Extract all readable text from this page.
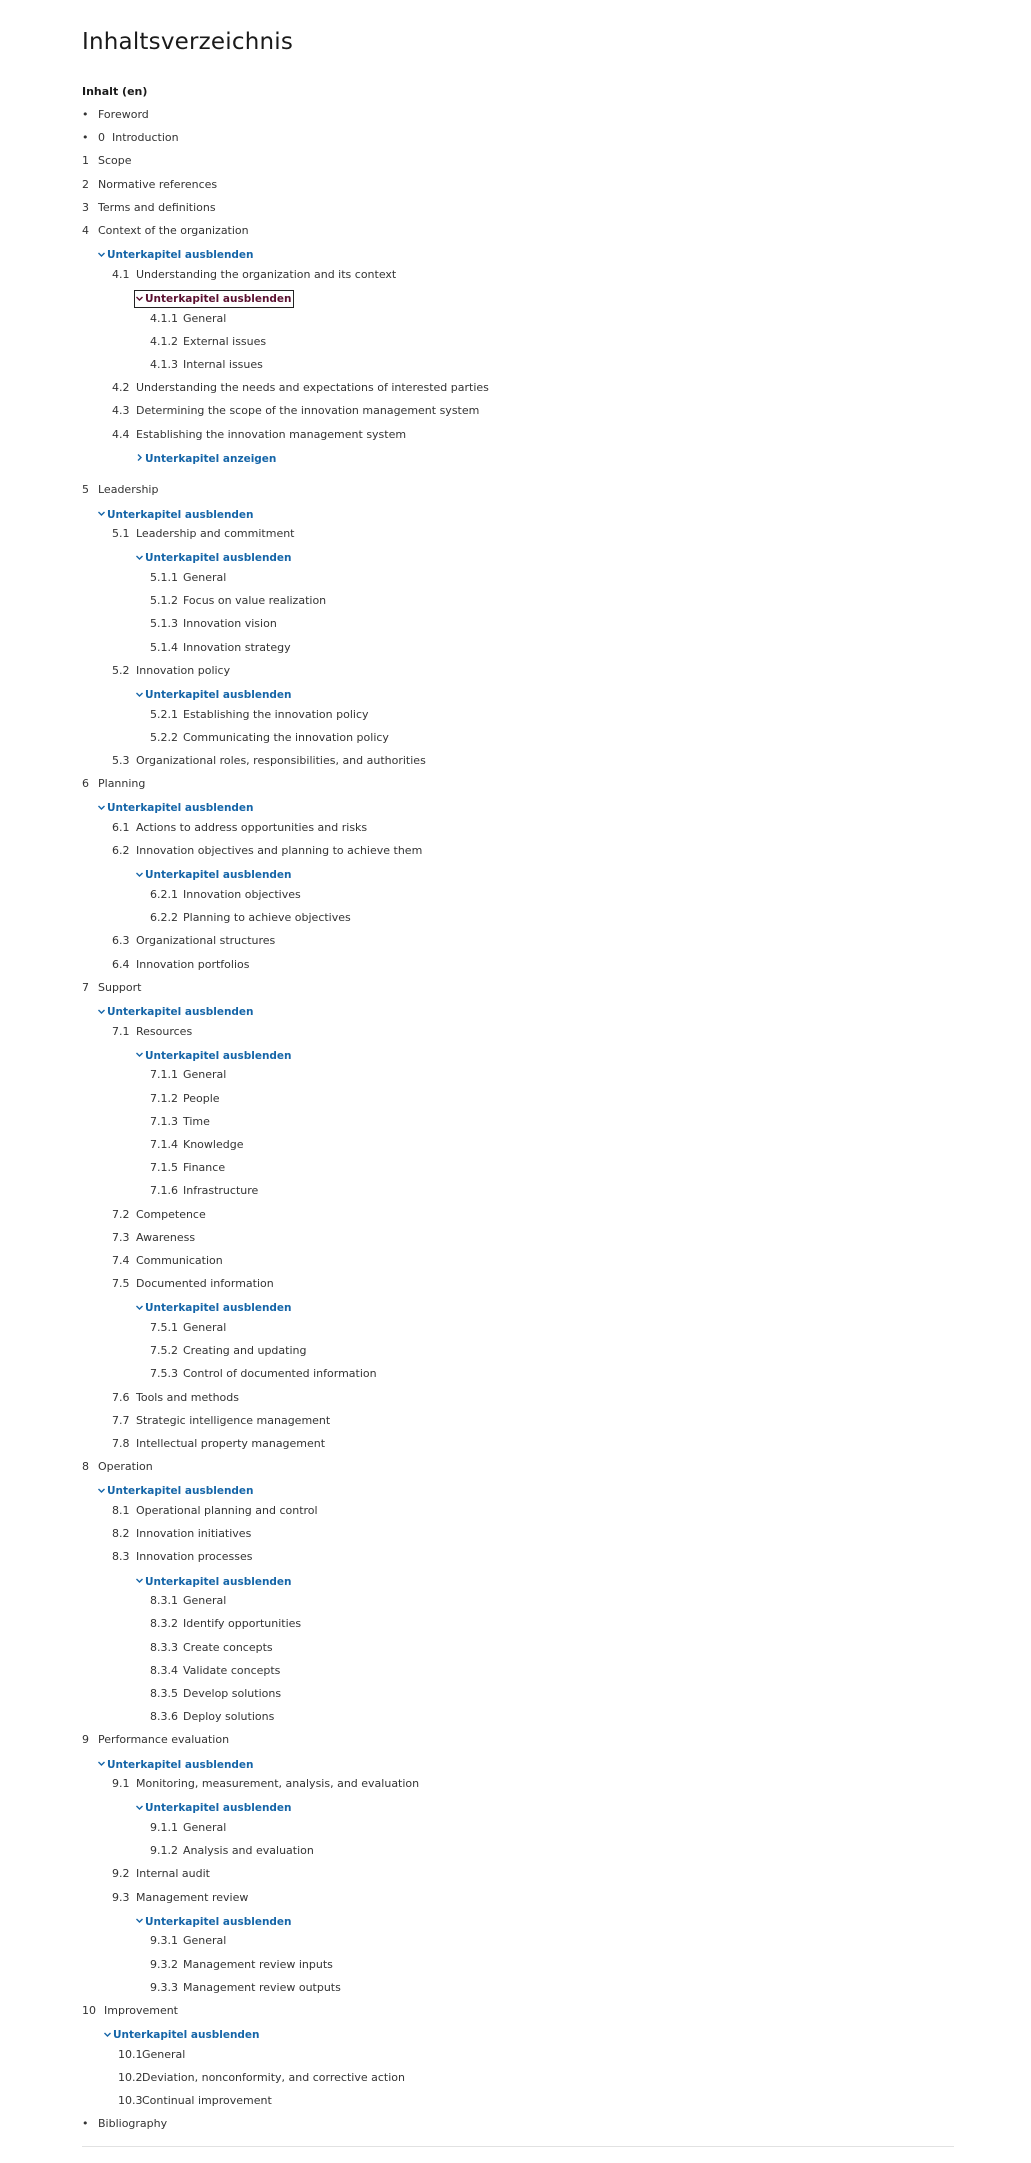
Inhaltsverzeichnis
Inhalt (en)
• Foreword
• 0 Introduction
1 Scope
2 Normative references
3 Terms and definitions
4 Context of the organization
Unterkapitel ausblenden
4.1 Understanding the organization and its context
Unterkapitel ausblenden
4.1.1 General
4.1.2 External issues
4.1.3 Internal issues
4.2 Understanding the needs and expectations of interested parties
4.3 Determining the scope of the innovation management system
4.4 Establishing the innovation management system
Unterkapitel anzeigen
5 Leadership
Unterkapitel ausblenden
5.1 Leadership and commitment
Unterkapitel ausblenden
5.1.1 General
5.1.2 Focus on value realization
5.1.3 Innovation vision
5.1.4 Innovation strategy
5.2 Innovation policy
Unterkapitel ausblenden
5.2.1 Establishing the innovation policy
5.2.2 Communicating the innovation policy
5.3 Organizational roles, responsibilities, and authorities
6 Planning
Unterkapitel ausblenden
6.1 Actions to address opportunities and risks
6.2 Innovation objectives and planning to achieve them
Unterkapitel ausblenden
6.2.1 Innovation objectives
6.2.2 Planning to achieve objectives
6.3 Organizational structures
6.4 Innovation portfolios
7 Support
Unterkapitel ausblenden
7.1 Resources
Unterkapitel ausblenden
7.1.1 General
7.1.2 People
7.1.3 Time
7.1.4 Knowledge
7.1.5 Finance
7.1.6 Infrastructure
7.2 Competence
7.3 Awareness
7.4 Communication
7.5 Documented information
Unterkapitel ausblenden
7.5.1 General
7.5.2 Creating and updating
7.5.3 Control of documented information
7.6 Tools and methods
7.7 Strategic intelligence management
7.8 Intellectual property management
8 Operation
Unterkapitel ausblenden
8.1 Operational planning and control
8.2 Innovation initiatives
8.3 Innovation processes
Unterkapitel ausblenden
8.3.1 General
8.3.2 Identify opportunities
8.3.3 Create concepts
8.3.4 Validate concepts
8.3.5 Develop solutions
8.3.6 Deploy solutions
9 Performance evaluation
Unterkapitel ausblenden
9.1 Monitoring, measurement, analysis, and evaluation
Unterkapitel ausblenden
9.1.1 General
9.1.2 Analysis and evaluation
9.2 Internal audit
9.3 Management review
Unterkapitel ausblenden
9.3.1 General
9.3.2 Management review inputs
9.3.3 Management review outputs
10 Improvement
Unterkapitel ausblenden
10.1 General
10.2 Deviation, nonconformity, and corrective action
10.3 Continual improvement
• Bibliography
